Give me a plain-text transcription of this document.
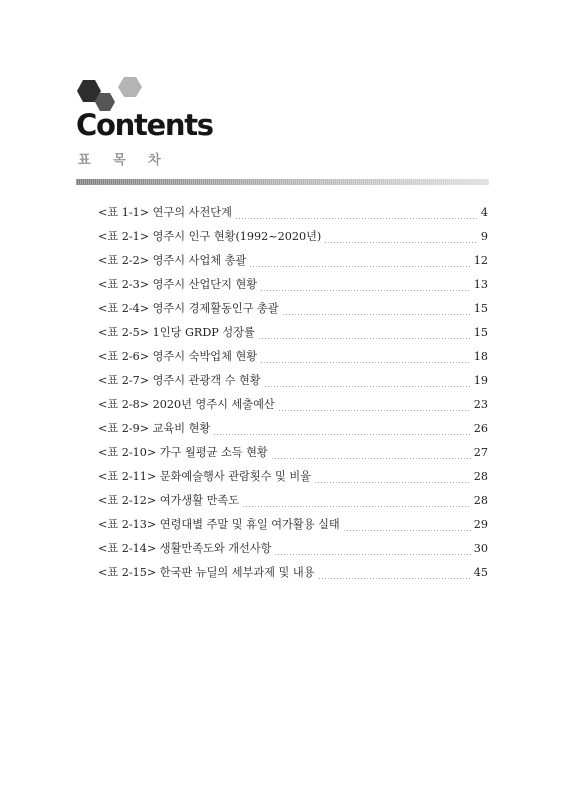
Contents
표 목 차
<표 1-1> 연구의 사전단계	4
<표 2-1> 영주시 인구 현황(1992~2020년)	9
<표 2-2> 영주시 사업체 총괄	12
<표 2-3> 영주시 산업단지 현황	13
<표 2-4> 영주시 경제활동인구 총괄	15
<표 2-5> 1인당 GRDP 성장률	15
<표 2-6> 영주시 숙박업체 현황	18
<표 2-7> 영주시 관광객 수 현황	19
<표 2-8> 2020년 영주시 세출예산	23
<표 2-9> 교육비 현황	26
<표 2-10> 가구 월평균 소득 현황	27
<표 2-11> 문화예술행사 관람횟수 및 비율	28
<표 2-12> 여가생활 만족도	28
<표 2-13> 연령대별 주말 및 휴일 여가활용 실태	29
<표 2-14> 생활만족도와 개선사항	30
<표 2-15> 한국판 뉴딜의 세부과제 및 내용	45
